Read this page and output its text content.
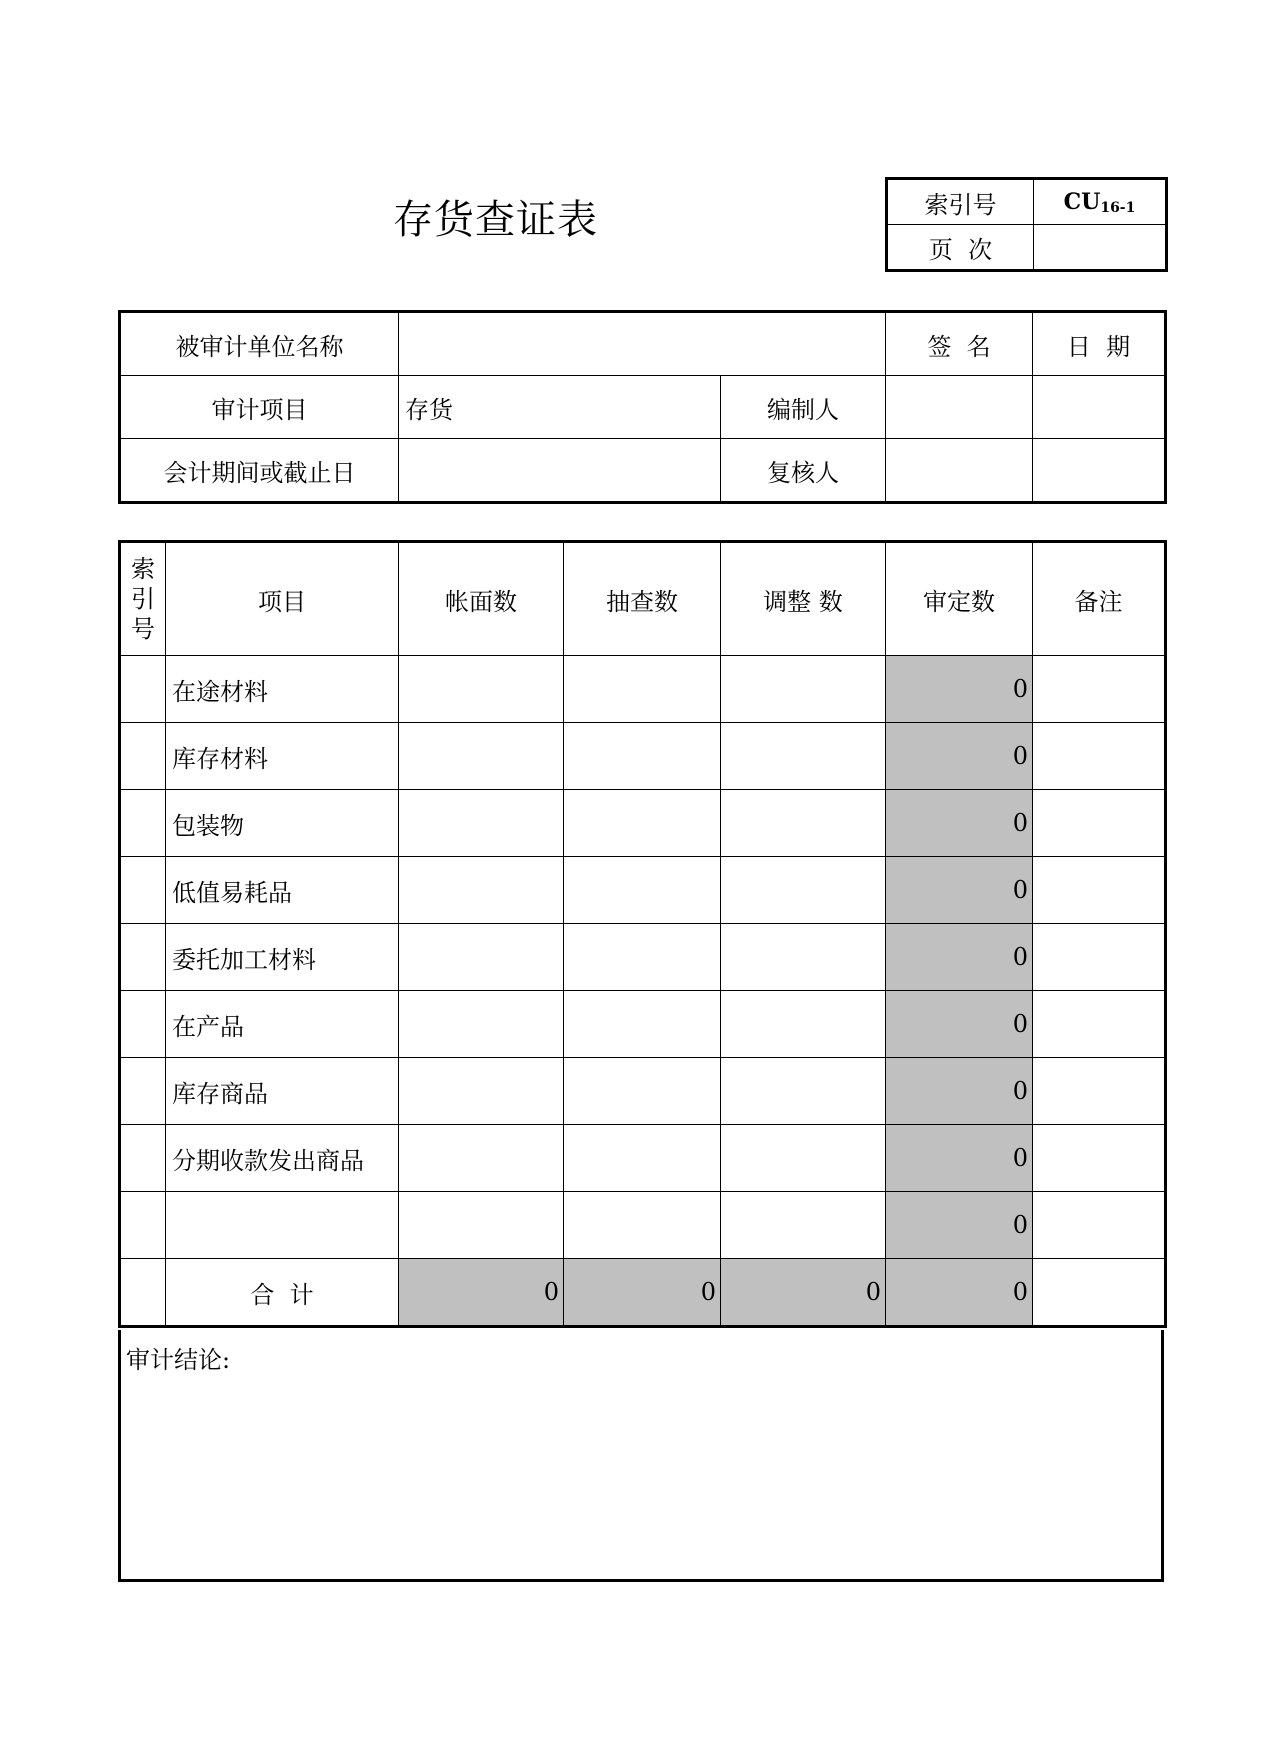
存货查证表	索引号	$CU_{16-1}$
页  次	
被审计单位名称			签  名	日  期
审计项目	存货	编制人		
会计期间或截止日		复核人		
索
引
号	项目	帐面数	抽查数	调整 数	审定数	备注
	在途材料				0	
	库存材料				0	
	包装物				0	
	低值易耗品				0	
	委托加工材料				0	
	在产品				0	
	库存商品				0	
	分期收款发出商品				0	
					0	
	合  计	0	0	0	0	
审计结论:
